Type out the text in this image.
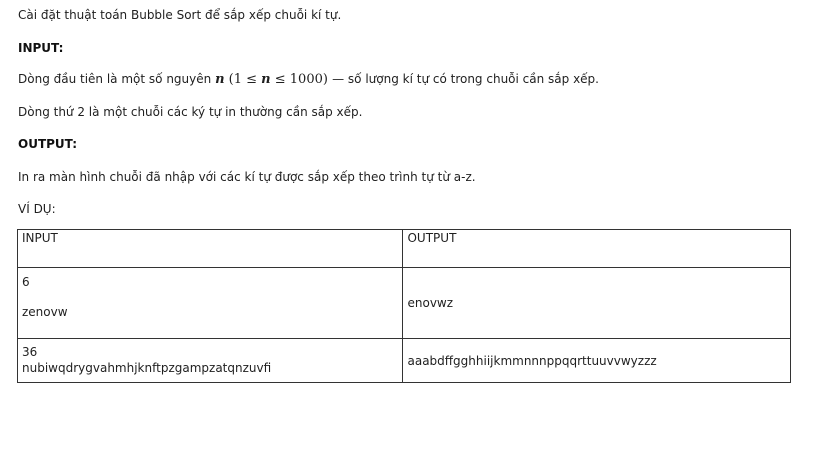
Cài đặt thuật toán Bubble Sort để sắp xếp chuỗi kí tự.
INPUT:
Dòng đầu tiên là một số nguyên n (1 ≤ n ≤ 1000) — số lượng kí tự có trong chuỗi cần sắp xếp.
Dòng thứ 2 là một chuỗi các ký tự in thường cần sắp xếp.
OUTPUT:
In ra màn hình chuỗi đã nhập với các kí tự được sắp xếp theo trình tự từ a-z.
VÍ DỤ:
INPUT	OUTPUT

6
zenovw	enovwz

36
nubiwqdrygvahmhjknftpzgampzatqnzuvfi	aaabdffgghhiijkmmnnnppqqrttuuvvwyzzz
